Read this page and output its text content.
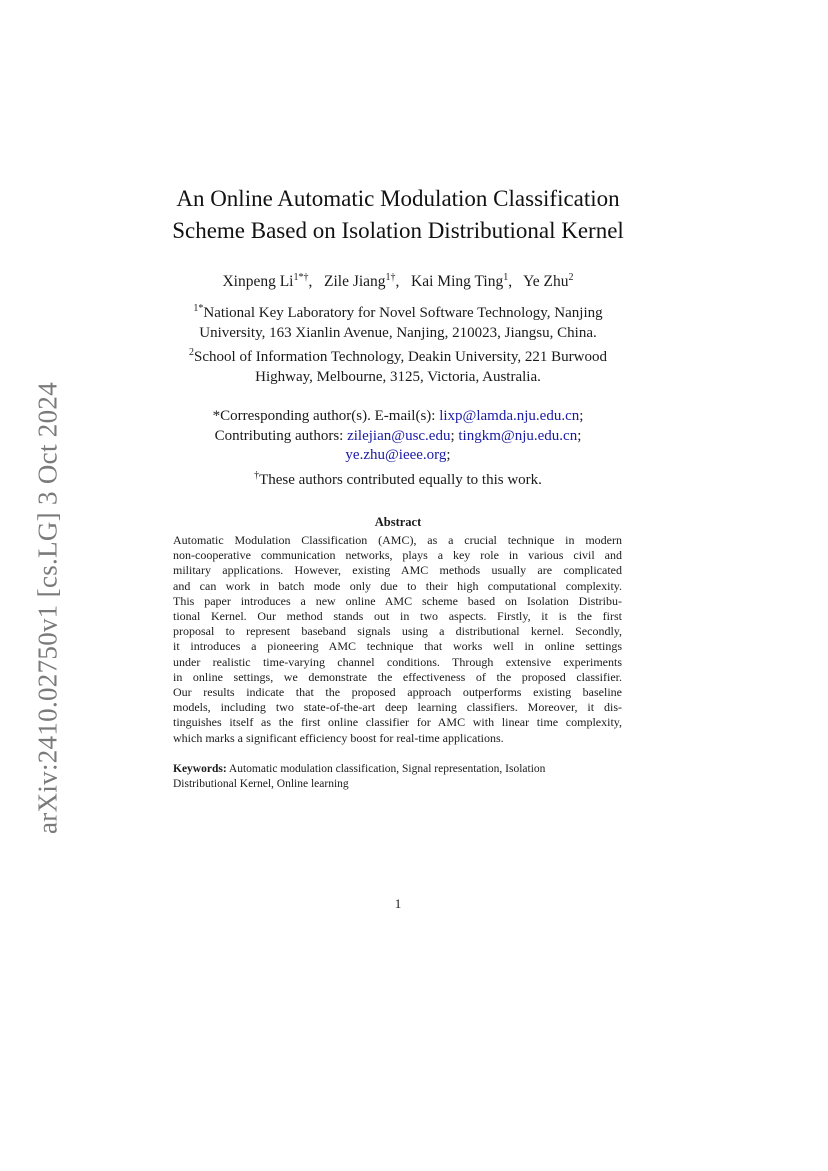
arXiv:2410.02750v1 [cs.LG] 3 Oct 2024
An Online Automatic Modulation Classification
Scheme Based on Isolation Distributional Kernel
Xinpeng $Li^{1*\dagger}$,   Zile Jiang$^{1\dagger}$,   Kai Ming Ting$^1$,   Ye Zhu$^2$
$^{1*}$National Key Laboratory for Novel Software Technology, Nanjing
University, 163 Xianlin Avenue, Nanjing, 210023, Jiangsu, China.
$^2$School of Information Technology, Deakin University, 221 Burwood
Highway, Melbourne, 3125, Victoria, Australia.
*Corresponding author(s). E-mail(s): lixp@lamda.nju.edu.cn;
Contributing authors: zilejian@usc.edu; tingkm@nju.edu.cn;
ye.zhu@ieee.org;
†These authors contributed equally to this work.
Abstract
Automatic Modulation Classification (AMC), as a crucial technique in modern
non-cooperative communication networks, plays a key role in various civil and
military applications. However, existing AMC methods usually are complicated
and can work in batch mode only due to their high computational complexity.
This paper introduces a new online AMC scheme based on Isolation Distribu-
tional Kernel. Our method stands out in two aspects. Firstly, it is the first
proposal to represent baseband signals using a distributional kernel. Secondly,
it introduces a pioneering AMC technique that works well in online settings
under realistic time-varying channel conditions. Through extensive experiments
in online settings, we demonstrate the effectiveness of the proposed classifier.
Our results indicate that the proposed approach outperforms existing baseline
models, including two state-of-the-art deep learning classifiers. Moreover, it dis-
tinguishes itself as the first online classifier for AMC with linear time complexity,
which marks a significant efficiency boost for real-time applications.
Keywords: Automatic modulation classification, Signal representation, Isolation
Distributional Kernel, Online learning
1
